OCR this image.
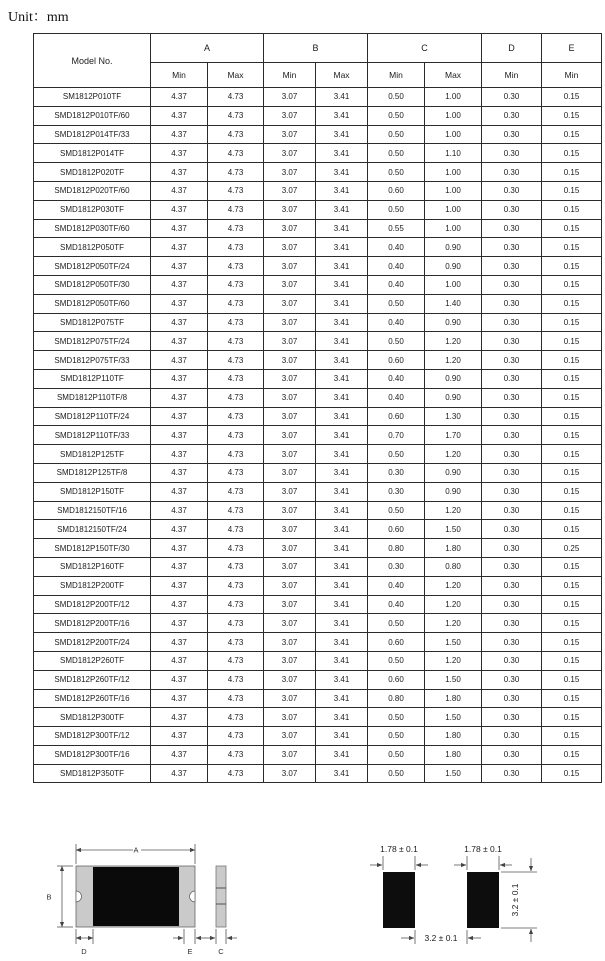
Unit：mm
Model No.	A		B		C		D	E
	Min	Max	Min	Max	Min	Max	Min	Min
SM1812P010TF	4.37	4.73	3.07	3.41	0.50	1.00	0.30	0.15
SMD1812P010TF/60	4.37	4.73	3.07	3.41	0.50	1.00	0.30	0.15
SMD1812P014TF/33	4.37	4.73	3.07	3.41	0.50	1.00	0.30	0.15
SMD1812P014TF	4.37	4.73	3.07	3.41	0.50	1.10	0.30	0.15
SMD1812P020TF	4.37	4.73	3.07	3.41	0.50	1.00	0.30	0.15
SMD1812P020TF/60	4.37	4.73	3.07	3.41	0.60	1.00	0.30	0.15
SMD1812P030TF	4.37	4.73	3.07	3.41	0.50	1.00	0.30	0.15
SMD1812P030TF/60	4.37	4.73	3.07	3.41	0.55	1.00	0.30	0.15
SMD1812P050TF	4.37	4.73	3.07	3.41	0.40	0.90	0.30	0.15
SMD1812P050TF/24	4.37	4.73	3.07	3.41	0.40	0.90	0.30	0.15
SMD1812P050TF/30	4.37	4.73	3.07	3.41	0.40	1.00	0.30	0.15
SMD1812P050TF/60	4.37	4.73	3.07	3.41	0.50	1.40	0.30	0.15
SMD1812P075TF	4.37	4.73	3.07	3.41	0.40	0.90	0.30	0.15
SMD1812P075TF/24	4.37	4.73	3.07	3.41	0.50	1.20	0.30	0.15
SMD1812P075TF/33	4.37	4.73	3.07	3.41	0.60	1.20	0.30	0.15
SMD1812P110TF	4.37	4.73	3.07	3.41	0.40	0.90	0.30	0.15
SMD1812P110TF/8	4.37	4.73	3.07	3.41	0.40	0.90	0.30	0.15
SMD1812P110TF/24	4.37	4.73	3.07	3.41	0.60	1.30	0.30	0.15
SMD1812P110TF/33	4.37	4.73	3.07	3.41	0.70	1.70	0.30	0.15
SMD1812P125TF	4.37	4.73	3.07	3.41	0.50	1.20	0.30	0.15
SMD1812P125TF/8	4.37	4.73	3.07	3.41	0.30	0.90	0.30	0.15
SMD1812P150TF	4.37	4.73	3.07	3.41	0.30	0.90	0.30	0.15
SMD1812150TF/16	4.37	4.73	3.07	3.41	0.50	1.20	0.30	0.15
SMD1812150TF/24	4.37	4.73	3.07	3.41	0.60	1.50	0.30	0.15
SMD1812P150TF/30	4.37	4.73	3.07	3.41	0.80	1.80	0.30	0.25
SMD1812P160TF	4.37	4.73	3.07	3.41	0.30	0.80	0.30	0.15
SMD1812P200TF	4.37	4.73	3.07	3.41	0.40	1.20	0.30	0.15
SMD1812P200TF/12	4.37	4.73	3.07	3.41	0.40	1.20	0.30	0.15
SMD1812P200TF/16	4.37	4.73	3.07	3.41	0.50	1.20	0.30	0.15
SMD1812P200TF/24	4.37	4.73	3.07	3.41	0.60	1.50	0.30	0.15
SMD1812P260TF	4.37	4.73	3.07	3.41	0.50	1.20	0.30	0.15
SMD1812P260TF/12	4.37	4.73	3.07	3.41	0.60	1.50	0.30	0.15
SMD1812P260TF/16	4.37	4.73	3.07	3.41	0.80	1.80	0.30	0.15
SMD1812P300TF	4.37	4.73	3.07	3.41	0.50	1.50	0.30	0.15
SMD1812P300TF/12	4.37	4.73	3.07	3.41	0.50	1.80	0.30	0.15
SMD1812P300TF/16	4.37	4.73	3.07	3.41	0.50	1.80	0.30	0.15
SMD1812P350TF	4.37	4.73	3.07	3.41	0.50	1.50	0.30	0.15
A
B
D	E	C
1.78 ± 0.1	1.78 ± 0.1
3.2 ± 0.1
3.2 ± 0.1
